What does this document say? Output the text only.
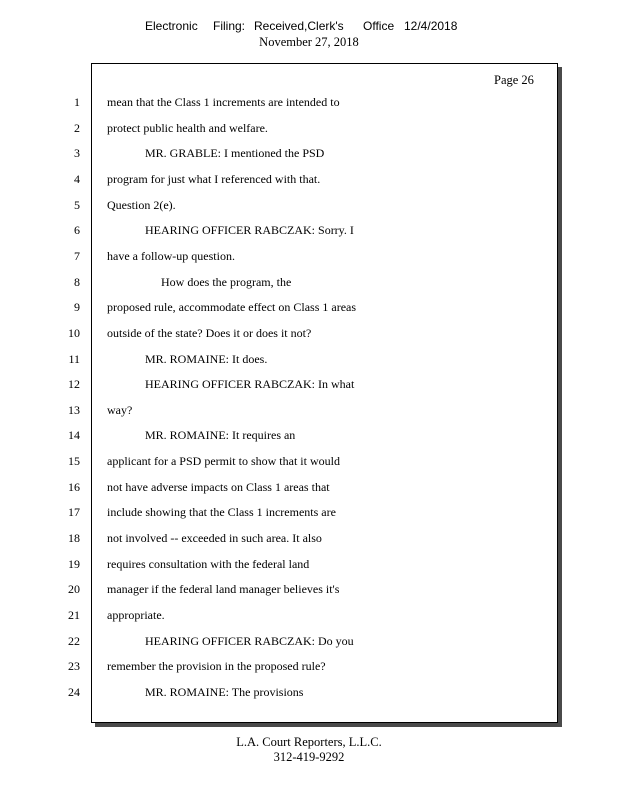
Electronic Filing: Received,Clerk's Office 12/4/2018
November 27, 2018
Page 26
1 mean that the Class 1 increments are intended to
2 protect public health and welfare.
3	MR. GRABLE: I mentioned the PSD
4 program for just what I referenced with that.
5 Question 2(e).
6	HEARING OFFICER RABCZAK: Sorry. I
7 have a follow-up question.
8	How does the program, the
9 proposed rule, accommodate effect on Class 1 areas
10 outside of the state? Does it or does it not?
11	MR. ROMAINE: It does.
12	HEARING OFFICER RABCZAK: In what
13 way?
14	MR. ROMAINE: It requires an
15 applicant for a PSD permit to show that it would
16 not have adverse impacts on Class 1 areas that
17 include showing that the Class 1 increments are
18 not involved -- exceeded in such area. It also
19 requires consultation with the federal land
20 manager if the federal land manager believes it's
21 appropriate.
22	HEARING OFFICER RABCZAK: Do you
23 remember the provision in the proposed rule?
24	MR. ROMAINE: The provisions
L.A. Court Reporters, L.L.C.
312-419-9292
